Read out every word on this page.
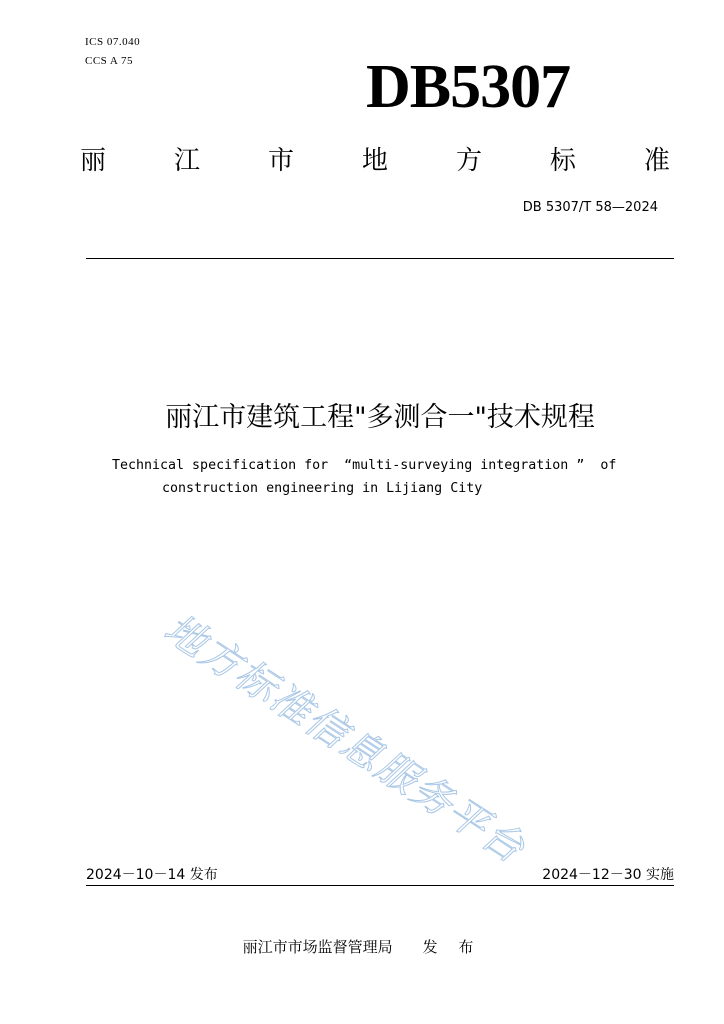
ICS 07.040
CCS A 75	DB5307
丽	江	市	地	方	标	准
DB 5307/T 58—2024
丽江市建筑工程"多测合一"技术规程
Technical specification for  “multi-surveying integration ”  of
construction engineering in Lijiang City
地方标准信息服务平台
2024－10－14 发布	2024－12－30 实施
丽江市市场监督管理局 发 布
